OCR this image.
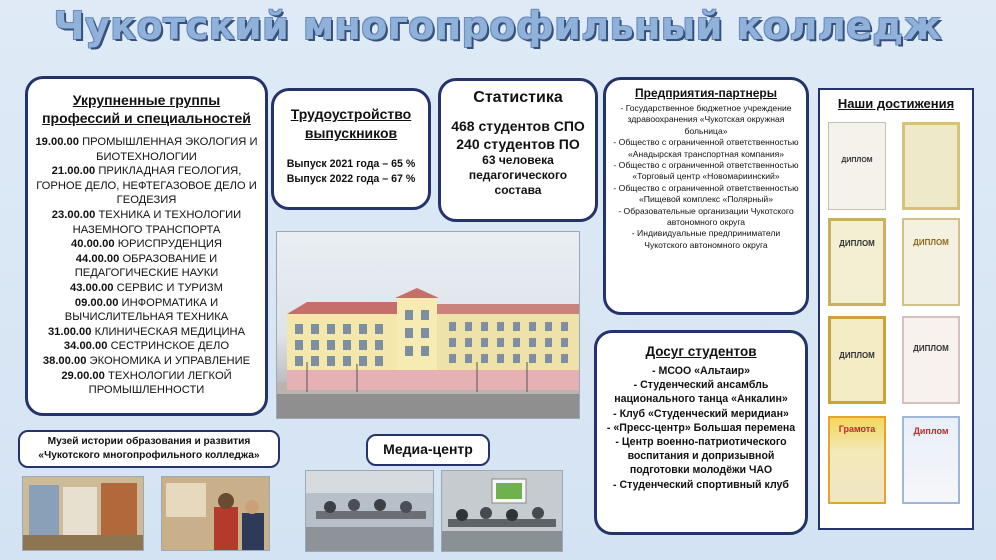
Чукотский многопрофильный колледж
Укрупненные группы
профессий и специальностей
19.00.00 ПРОМЫШЛЕННАЯ ЭКОЛОГИЯ И БИОТЕХНОЛОГИИ
21.00.00 ПРИКЛАДНАЯ ГЕОЛОГИЯ, ГОРНОЕ ДЕЛО, НЕФТЕГАЗОВОЕ ДЕЛО И ГЕОДЕЗИЯ
23.00.00 ТЕХНИКА И ТЕХНОЛОГИИ НАЗЕМНОГО ТРАНСПОРТА
40.00.00 ЮРИСПРУДЕНЦИЯ
44.00.00 ОБРАЗОВАНИЕ И ПЕДАГОГИЧЕСКИЕ НАУКИ
43.00.00 СЕРВИС И ТУРИЗМ
09.00.00 ИНФОРМАТИКА И ВЫЧИСЛИТЕЛЬНАЯ ТЕХНИКА
31.00.00 КЛИНИЧЕСКАЯ МЕДИЦИНА
34.00.00 СЕСТРИНСКОЕ ДЕЛО
38.00.00 ЭКОНОМИКА И УПРАВЛЕНИЕ
29.00.00 ТЕХНОЛОГИИ ЛЕГКОЙ ПРОМЫШЛЕННОСТИ
Трудоустройство
выпускников
Выпуск 2021 года – 65 %
Выпуск 2022 года – 67 %
Статистика
468 студентов СПО
240 студентов ПО
63 человека
педагогического
состава
Предприятия-партнеры
- Государственное бюджетное учреждение здравоохранения «Чукотская окружная больница»
- Общество с ограниченной ответственностью «Анадырская транспортная компания»
- Общество с ограниченной ответственностью «Торговый центр «Новомариинский»
- Общество с ограниченной ответственностью «Пищевой комплекс «Полярный»
- Образовательные организации Чукотского автономного округа
- Индивидуальные предприниматели Чукотского автономного округа
Досуг студентов
- МСОО «Альтаир»
- Студенческий ансамбль национального танца «Анкалин»
- Клуб «Студенческий меридиан»
- «Пресс-центр» Большая перемена
- Центр военно-патриотического воспитания и допризывной подготовки молодёжи ЧАО
- Студенческий спортивный клуб
Наши достижения
ДИПЛОМ
ДИПЛОМ	ДИПЛОМ
ДИПЛОМ
ДИПЛОМ
Грамота	Диплом
Музей истории образования и развития
«Чукотского многопрофильного колледжа»	Медиа-центр
